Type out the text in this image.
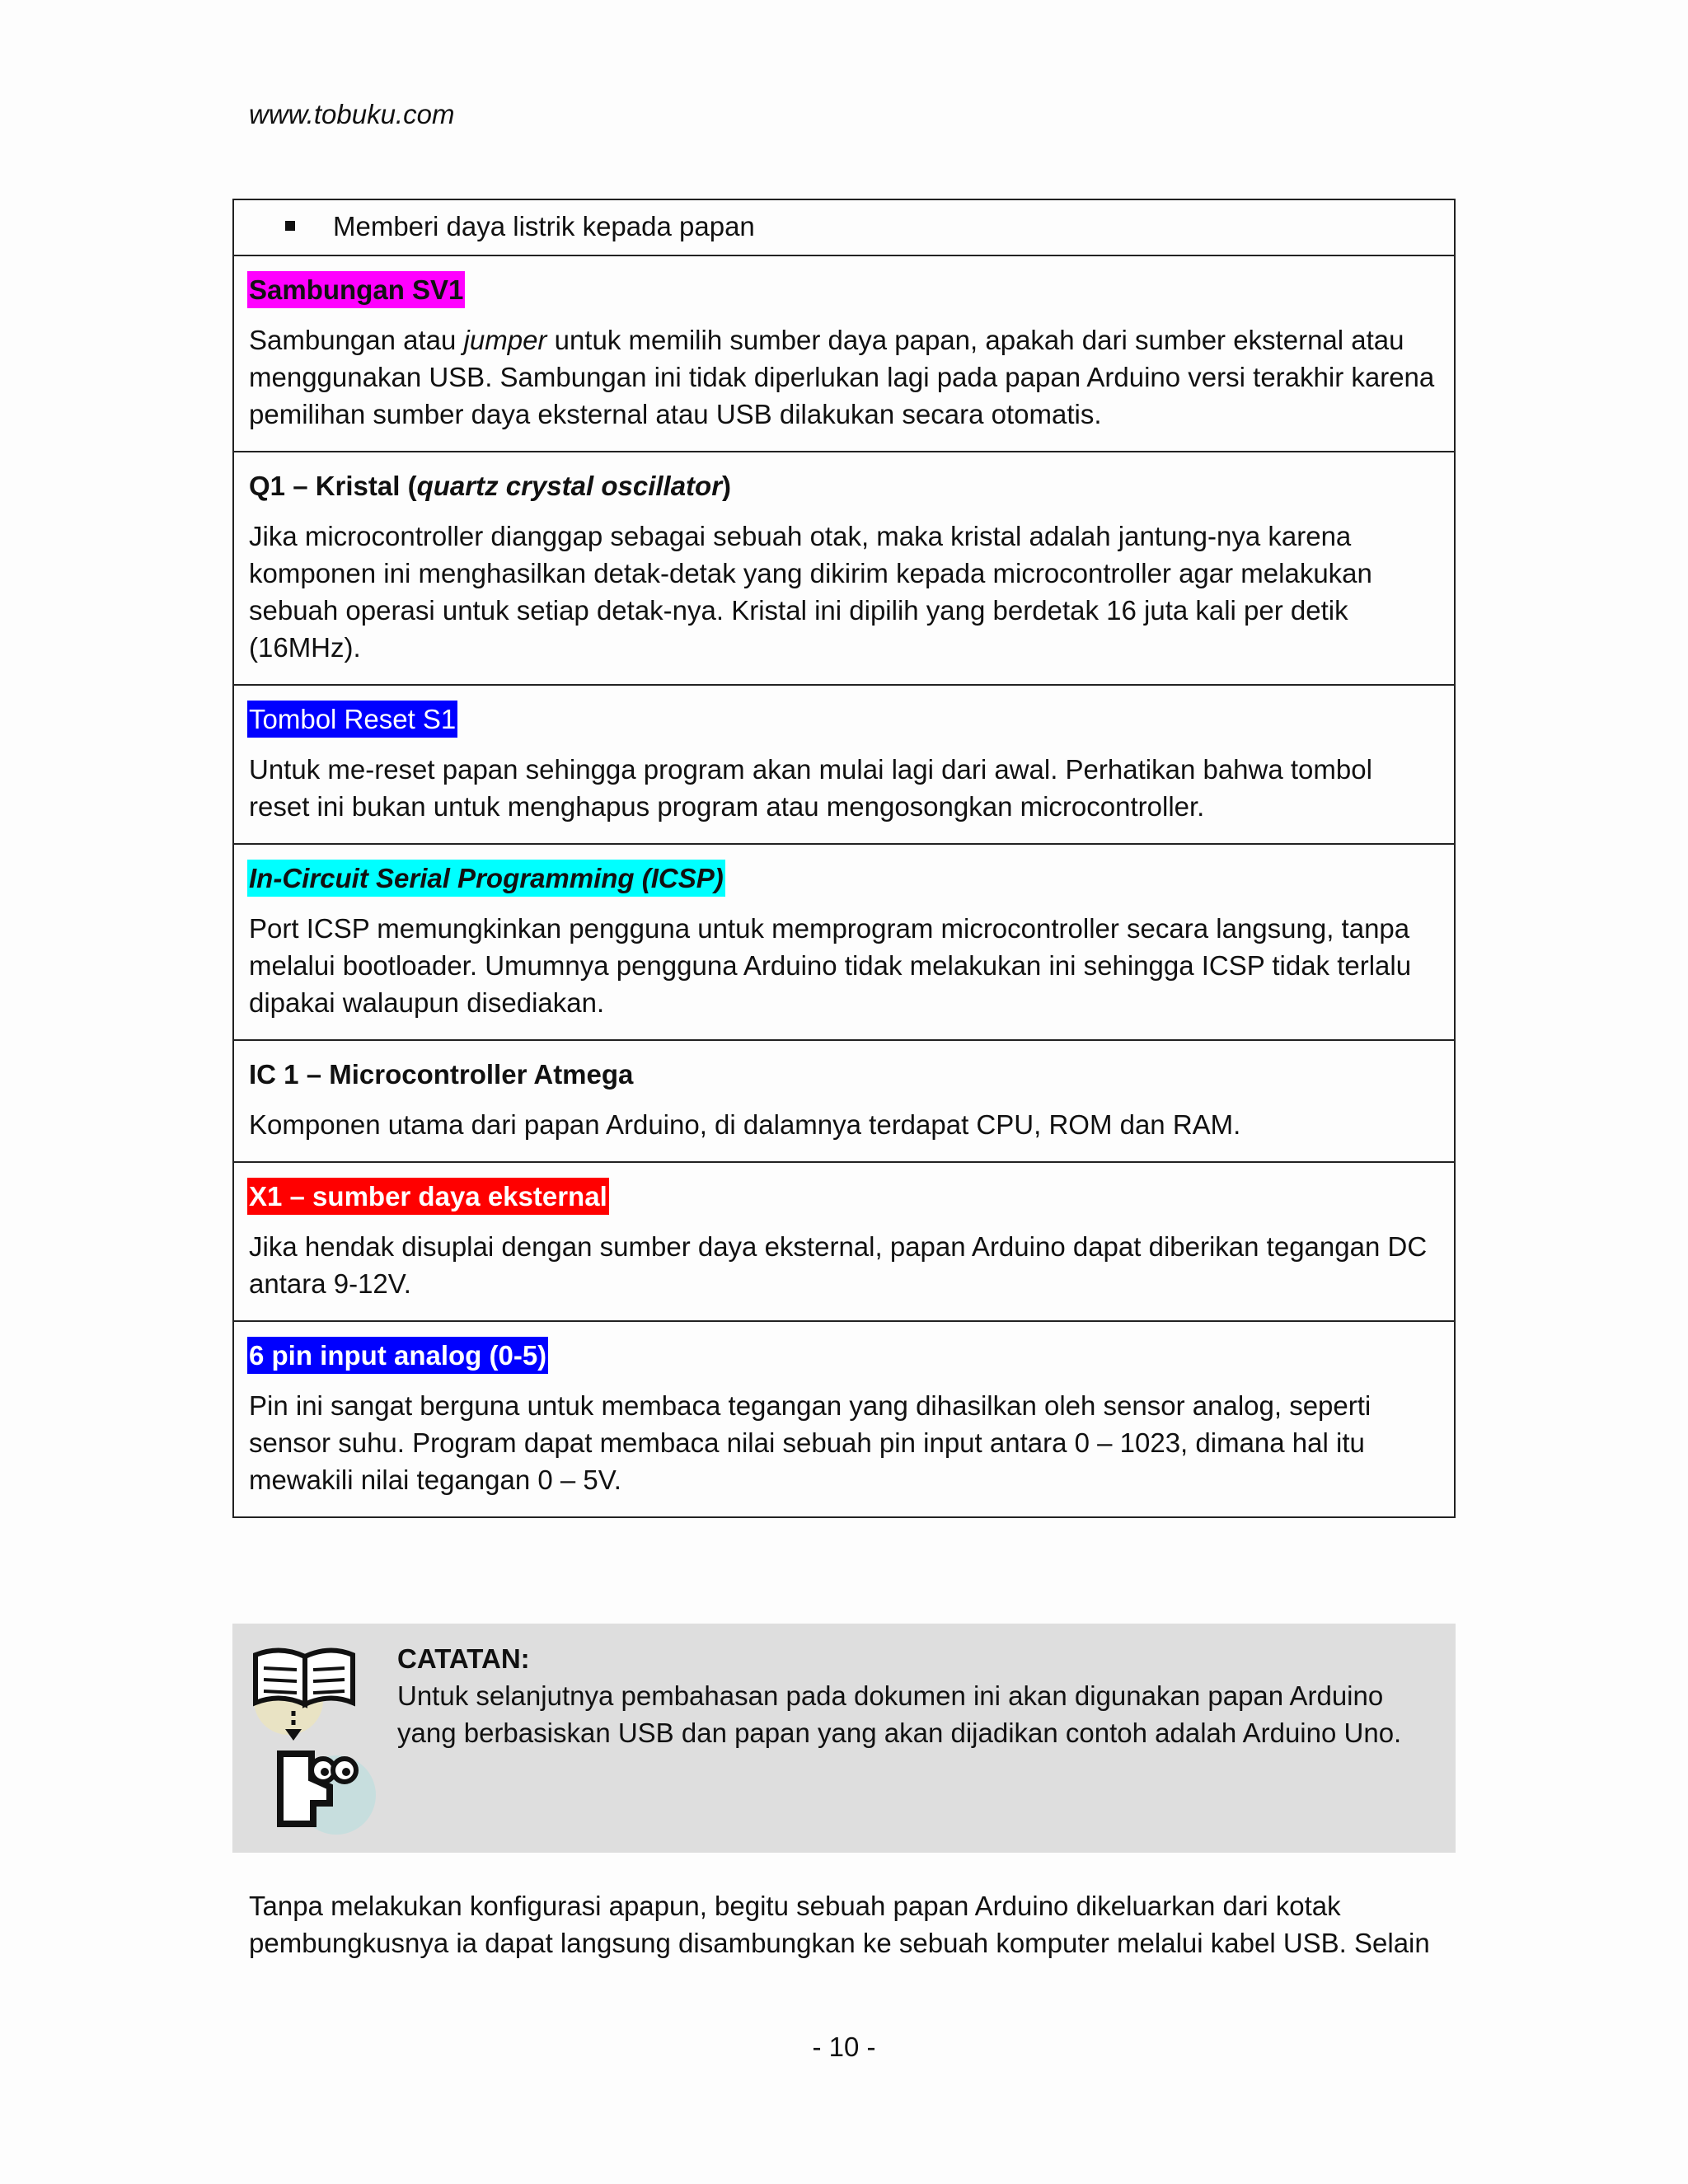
www.tobuku.com
Memberi daya listrik kepada papan
Sambungan SV1
Sambungan atau jumper untuk memilih sumber daya papan, apakah dari sumber eksternal atau menggunakan USB. Sambungan ini tidak diperlukan lagi pada papan Arduino versi terakhir karena pemilihan sumber daya eksternal atau USB dilakukan secara otomatis.
Q1 – Kristal (quartz crystal oscillator)
Jika microcontroller dianggap sebagai sebuah otak, maka kristal adalah jantung-nya karena komponen ini menghasilkan detak-detak yang dikirim kepada microcontroller agar melakukan sebuah operasi untuk setiap detak-nya. Kristal ini dipilih yang berdetak 16 juta kali per detik (16MHz).
Tombol Reset S1
Untuk me-reset papan sehingga program akan mulai lagi dari awal. Perhatikan bahwa tombol reset ini bukan untuk menghapus program atau mengosongkan microcontroller.
In-Circuit Serial Programming (ICSP)
Port ICSP memungkinkan pengguna untuk memprogram microcontroller secara langsung, tanpa melalui bootloader. Umumnya pengguna Arduino tidak melakukan ini sehingga ICSP tidak terlalu dipakai walaupun disediakan.
IC 1 – Microcontroller Atmega
Komponen utama dari papan Arduino, di dalamnya terdapat CPU, ROM dan RAM.
X1 – sumber daya eksternal
Jika hendak disuplai dengan sumber daya eksternal, papan Arduino dapat diberikan tegangan DC antara 9-12V.
6 pin input analog (0-5)
Pin ini sangat berguna untuk membaca tegangan yang dihasilkan oleh sensor analog, seperti sensor suhu. Program dapat membaca nilai sebuah pin input antara 0 – 1023, dimana hal itu mewakili nilai tegangan 0 – 5V.
CATATAN:
Untuk selanjutnya pembahasan pada dokumen ini akan digunakan papan Arduino yang berbasiskan USB dan papan yang akan dijadikan contoh adalah Arduino Uno.
Tanpa melakukan konfigurasi apapun, begitu sebuah papan Arduino dikeluarkan dari kotak pembungkusnya ia dapat langsung disambungkan ke sebuah komputer melalui kabel USB. Selain
- 10 -
